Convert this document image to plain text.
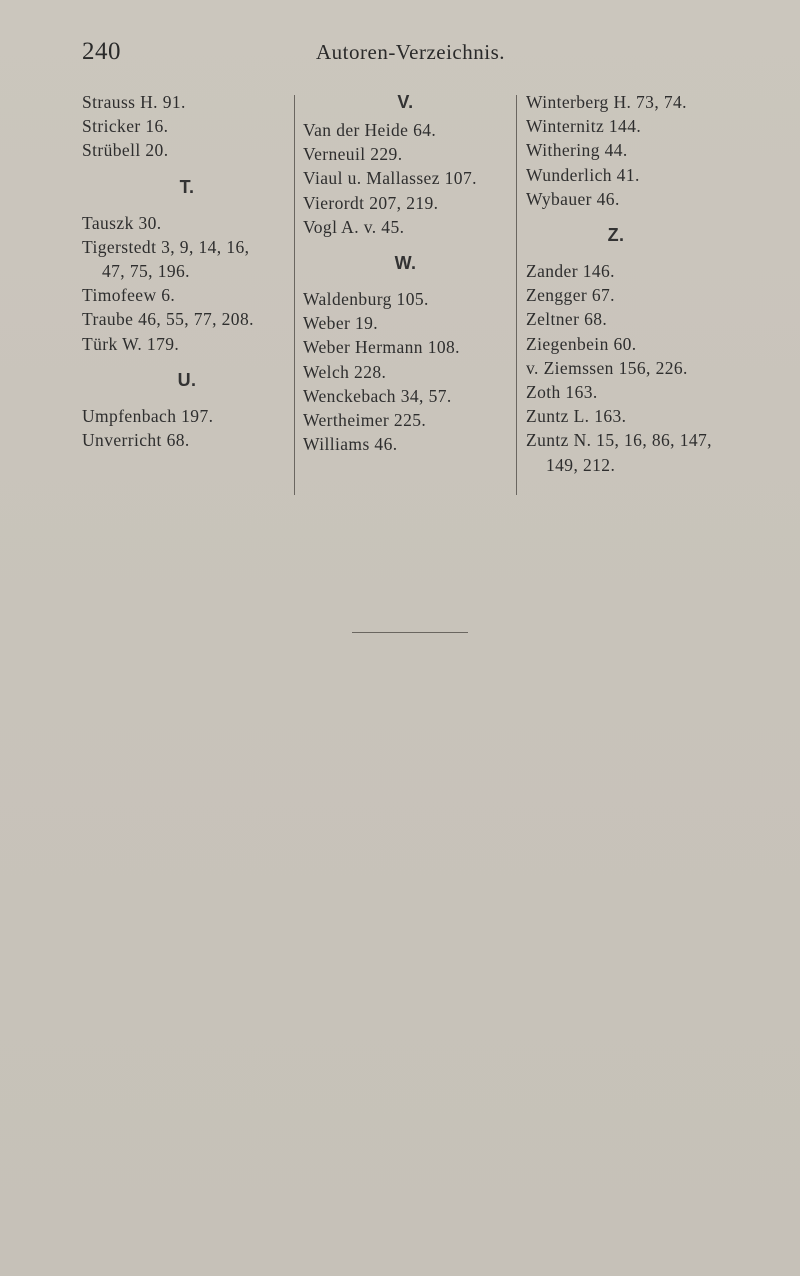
240	Autoren-Verzeichnis.
Strauss H. 91.
Stricker 16.
Strübell 20.
T.
Tauszk 30.
Tigerstedt 3, 9, 14, 16,
47, 75, 196.
Timofeew 6.
Traube 46, 55, 77, 208.
Türk W. 179.
U.
Umpfenbach 197.
Unverricht 68.
V.
Van der Heide 64.
Verneuil 229.
Viaul u. Mallassez 107.
Vierordt 207, 219.
Vogl A. v. 45.
W.
Waldenburg 105.
Weber 19.
Weber Hermann 108.
Welch 228.
Wenckebach 34, 57.
Wertheimer 225.
Williams 46.
Winterberg H. 73, 74.
Winternitz 144.
Withering 44.
Wunderlich 41.
Wybauer 46.
Z.
Zander 146.
Zengger 67.
Zeltner 68.
Ziegenbein 60.
v. Ziemssen 156, 226.
Zoth 163.
Zuntz L. 163.
Zuntz N. 15, 16, 86, 147,
149, 212.
